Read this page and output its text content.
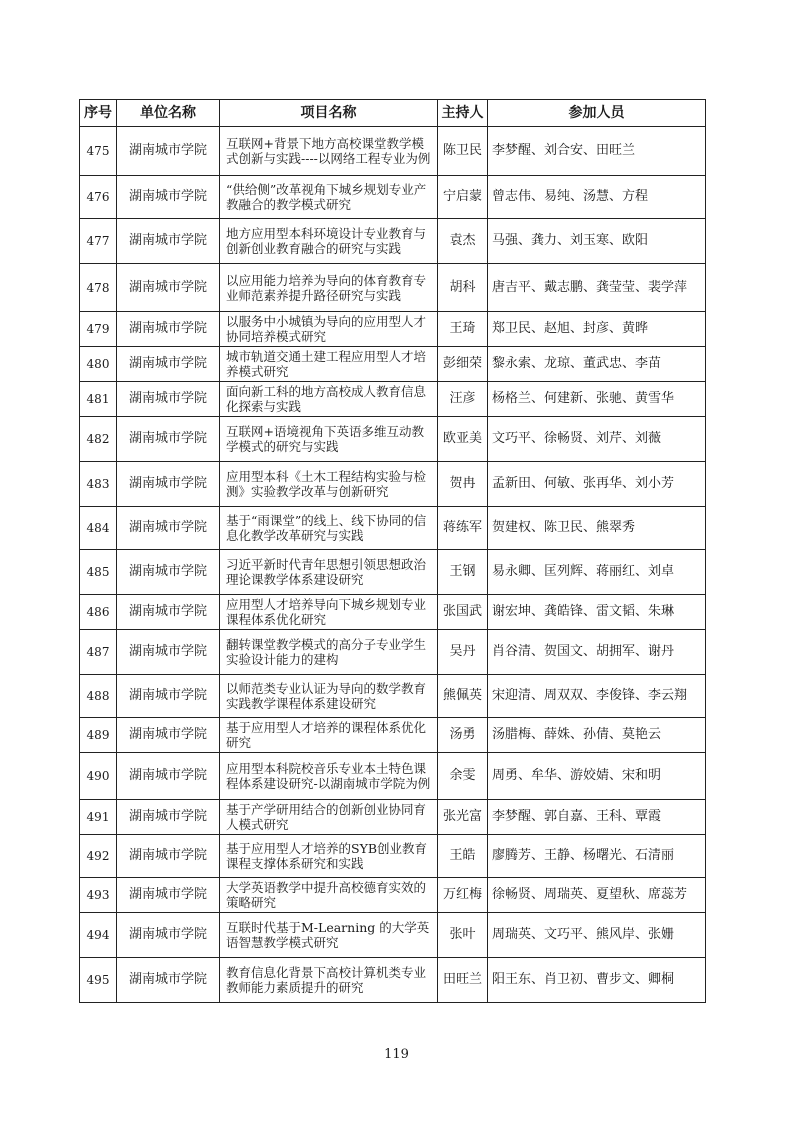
序号	单位名称	项目名称	主持人	参加人员
475	湖南城市学院	互联网+背景下地方高校课堂教学模式创新与实践----以网络工程专业为例	陈卫民	李梦醒、刘合安、田旺兰
476	湖南城市学院	“供给侧”改革视角下城乡规划专业产教融合的教学模式研究	宁启蒙	曾志伟、易纯、汤慧、方程
477	湖南城市学院	地方应用型本科环境设计专业教育与创新创业教育融合的研究与实践	袁杰	马强、龚力、刘玉寒、欧阳
478	湖南城市学院	以应用能力培养为导向的体育教育专业师范素养提升路径研究与实践	胡科	唐吉平、戴志鹏、龚莹莹、裴学萍
479	湖南城市学院	以服务中小城镇为导向的应用型人才协同培养模式研究	王琦	郑卫民、赵旭、封彦、黄晔
480	湖南城市学院	城市轨道交通土建工程应用型人才培养模式研究	彭细荣	黎永索、龙琼、董武忠、李苗
481	湖南城市学院	面向新工科的地方高校成人教育信息化探索与实践	汪彦	杨格兰、何建新、张驰、黄雪华
482	湖南城市学院	互联网+语境视角下英语多维互动教学模式的研究与实践	欧亚美	文巧平、徐畅贤、刘芹、刘薇
483	湖南城市学院	应用型本科《土木工程结构实验与检测》实验教学改革与创新研究	贺冉	孟新田、何敏、张再华、刘小芳
484	湖南城市学院	基于“雨课堂”的线上、线下协同的信息化教学改革研究与实践	蒋练军	贺建权、陈卫民、熊翠秀
485	湖南城市学院	习近平新时代青年思想引领思想政治理论课教学体系建设研究	王钢	易永卿、匡列辉、蒋丽红、刘卓
486	湖南城市学院	应用型人才培养导向下城乡规划专业课程体系优化研究	张国武	谢宏坤、龚皓锋、雷文韬、朱琳
487	湖南城市学院	翻转课堂教学模式的高分子专业学生实验设计能力的建构	吴丹	肖谷清、贺国文、胡拥军、谢丹
488	湖南城市学院	以师范类专业认证为导向的数学教育实践教学课程体系建设研究	熊佩英	宋迎清、周双双、李俊锋、李云翔
489	湖南城市学院	基于应用型人才培养的课程体系优化研究	汤勇	汤腊梅、薛姝、孙倩、莫艳云
490	湖南城市学院	应用型本科院校音乐专业本土特色课程体系建设研究-以湖南城市学院为例	余雯	周勇、牟华、游姣婧、宋和明
491	湖南城市学院	基于产学研用结合的创新创业协同育人模式研究	张光富	李梦醒、郭自嘉、王科、覃霞
492	湖南城市学院	基于应用型人才培养的SYB创业教育课程支撑体系研究和实践	王皓	廖腾芳、王静、杨曙光、石清丽
493	湖南城市学院	大学英语教学中提升高校德育实效的策略研究	万红梅	徐畅贤、周瑞英、夏望秋、席蕊芳
494	湖南城市学院	互联时代基于M-Learning 的大学英语智慧教学模式研究	张叶	周瑞英、文巧平、熊风岸、张姗
495	湖南城市学院	教育信息化背景下高校计算机类专业教师能力素质提升的研究	田旺兰	阳王东、肖卫初、曹步文、卿桐
119
